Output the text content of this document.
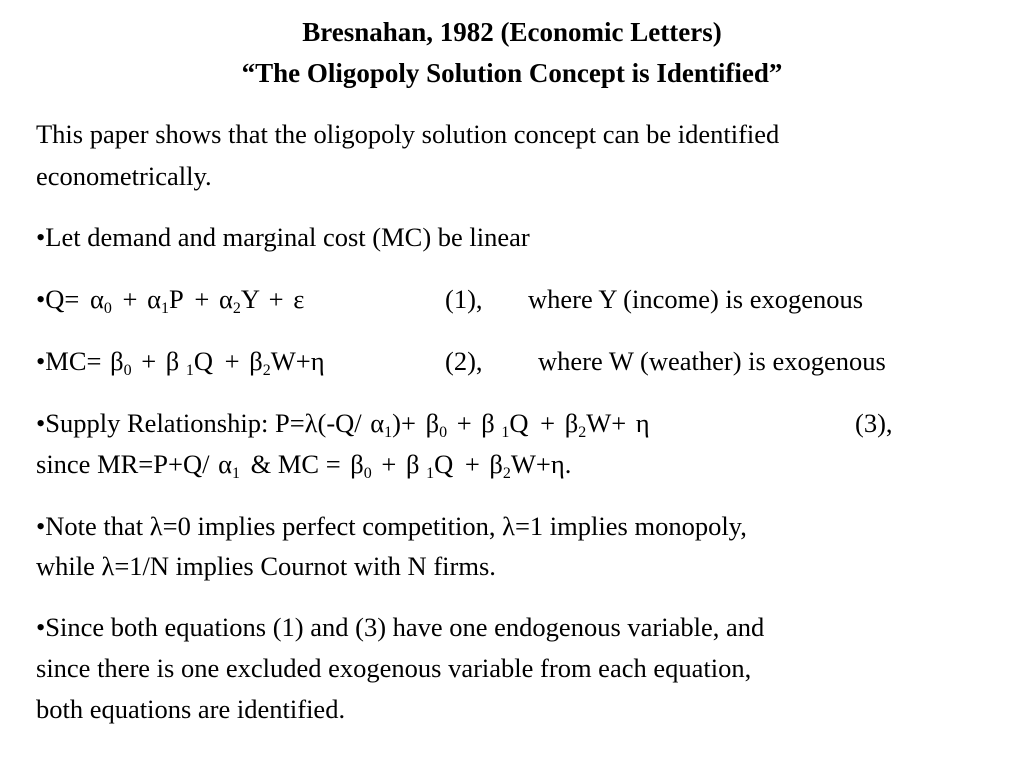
Bresnahan, 1982 (Economic Letters)
“The Oligopoly Solution Concept is Identified”
This paper shows that the oligopoly solution concept can be identified
econometrically.
•Let demand and marginal cost (MC) be linear
•Q= $\alpha_0 + \alpha_1P + \alpha_2Y + \varepsilon$	(1), where Y (income) is exogenous
•MC= $\beta_0 + \beta$ $_1Q + \beta_2W+\eta$	(2), where W (weather) is exogenous
•Supply Relationship: P=λ(-Q/ $\alpha_1)+ \beta_0 + \beta$ $_1Q + \beta_2W+ \eta$	(3),
since MR=P+Q/ $\alpha_1$ & MC = $\beta_0 + \beta$ $_1Q + \beta_2W+\eta$.
•Note that λ=0 implies perfect competition, λ=1 implies monopoly,
while λ=1/N implies Cournot with N firms.
•Since both equations (1) and (3) have one endogenous variable, and
since there is one excluded exogenous variable from each equation,
both equations are identified.
